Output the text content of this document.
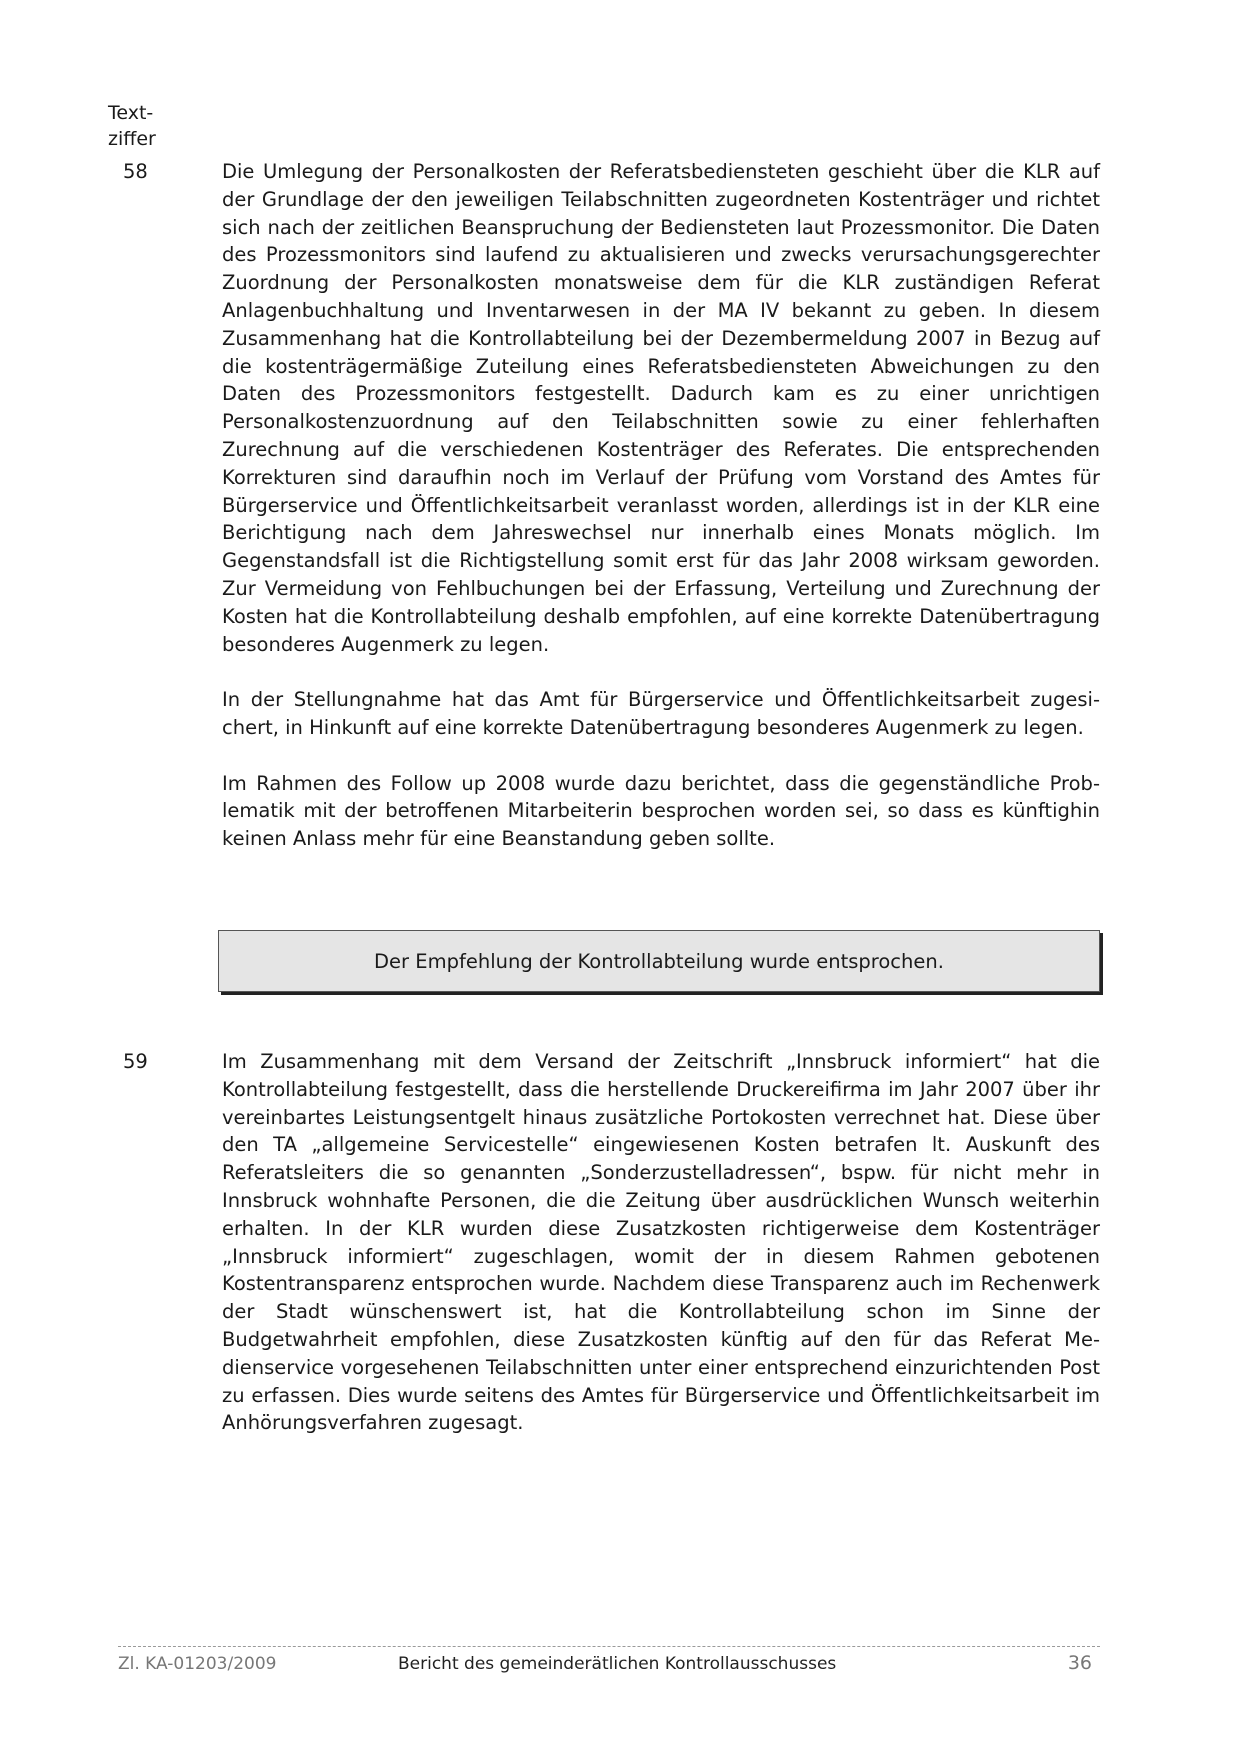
Text-
ziffer
58	Die Umlegung der Personalkosten der Referatsbediensteten geschieht über die KLR auf der Grundlage der den jeweiligen Teilabschnitten zugeordneten Kostenträger und richtet sich nach der zeitlichen Beanspruchung der Bediensteten laut Prozessmonitor. Die Daten des Prozessmonitors sind laufend zu aktualisieren und zwecks verursachungsgerechter Zuordnung der Personalkosten monatsweise dem für die KLR zuständigen Referat Anlagenbuchhaltung und Inventarwesen in der MA IV bekannt zu geben. In diesem Zusammenhang hat die Kontrollabteilung bei der Dezembermeldung 2007 in Bezug auf die kostenträgermäßige Zuteilung eines Referatsbediensteten Abweichungen zu den Daten des Prozessmonitors festgestellt. Dadurch kam es zu einer unrichtigen Personalkostenzuordnung auf den Teilabschnitten sowie zu einer fehlerhaften Zurechnung auf die verschiedenen Kostenträger des Referates. Die entsprechenden Korrekturen sind daraufhin noch im Verlauf der Prüfung vom Vorstand des Amtes für Bürgerservice und Öffentlichkeitsarbeit veranlasst worden, allerdings ist in der KLR eine Berichtigung nach dem Jahreswechsel nur innerhalb eines Monats möglich. Im Gegenstandsfall ist die Richtigstellung somit erst für das Jahr 2008 wirksam geworden. Zur Vermeidung von Fehlbuchungen bei der Erfassung, Verteilung und Zurechnung der Kosten hat die Kontrollabteilung deshalb empfohlen, auf eine korrekte Datenübertragung besonderes Augenmerk zu legen.

In der Stellungnahme hat das Amt für Bürgerservice und Öffentlichkeitsarbeit zugesichert, in Hinkunft auf eine korrekte Datenübertragung besonderes Augenmerk zu legen.

Im Rahmen des Follow up 2008 wurde dazu berichtet, dass die gegenständliche Problematik mit der betroffenen Mitarbeiterin besprochen worden sei, so dass es künftighin keinen Anlass mehr für eine Beanstandung geben sollte.

Der Empfehlung der Kontrollabteilung wurde entsprochen.
59	Im Zusammenhang mit dem Versand der Zeitschrift „Innsbruck informiert“ hat die Kontrollabteilung festgestellt, dass die herstellende Druckereifirma im Jahr 2007 über ihr vereinbartes Leistungsentgelt hinaus zusätzliche Portokosten verrechnet hat. Diese über den TA „allgemeine Servicestelle“ eingewiesenen Kosten betrafen lt. Auskunft des Referatsleiters die so genannten „Sonderzustelladressen“, bspw. für nicht mehr in Innsbruck wohnhafte Personen, die die Zeitung über ausdrücklichen Wunsch weiterhin erhalten. In der KLR wurden diese Zusatzkosten richtigerweise dem Kostenträger „Innsbruck informiert“ zugeschlagen, womit der in diesem Rahmen gebotenen Kostentransparenz entsprochen wurde. Nachdem diese Transparenz auch im Rechenwerk der Stadt wünschenswert ist, hat die Kontrollabteilung schon im Sinne der Budgetwahrheit empfohlen, diese Zusatzkosten künftig auf den für das Referat Medienservice vorgesehenen Teilabschnitten unter einer entsprechend einzurichtenden Post zu erfassen. Dies wurde seitens des Amtes für Bürgerservice und Öffentlichkeitsarbeit im Anhörungsverfahren zugesagt.

Zl. KA-01203/2009	Bericht des gemeinderätlichen Kontrollausschusses	36
